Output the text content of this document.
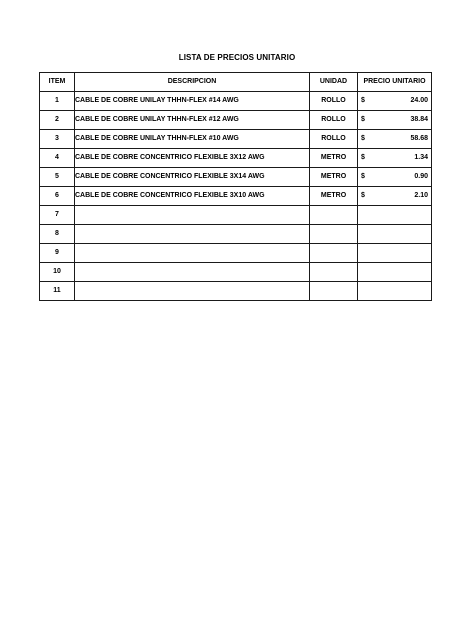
LISTA DE PRECIOS UNITARIO
ITEM	DESCRIPCION	UNIDAD	PRECIO UNITARIO
1	CABLE DE COBRE UNILAY THHN-FLEX #14 AWG	ROLLO	$ 24.00

2	CABLE DE COBRE UNILAY THHN-FLEX #12 AWG	ROLLO	$ 38.84

3	CABLE DE COBRE UNILAY THHN-FLEX #10 AWG	ROLLO	$ 58.68

4	CABLE DE COBRE CONCENTRICO FLEXIBLE 3X12 AWG	METRO	$ 1.34

5	CABLE DE COBRE CONCENTRICO FLEXIBLE 3X14 AWG	METRO	$ 0.90

6	CABLE DE COBRE CONCENTRICO FLEXIBLE 3X10 AWG	METRO	$ 2.10

7			

8			

9			

10			

11			
